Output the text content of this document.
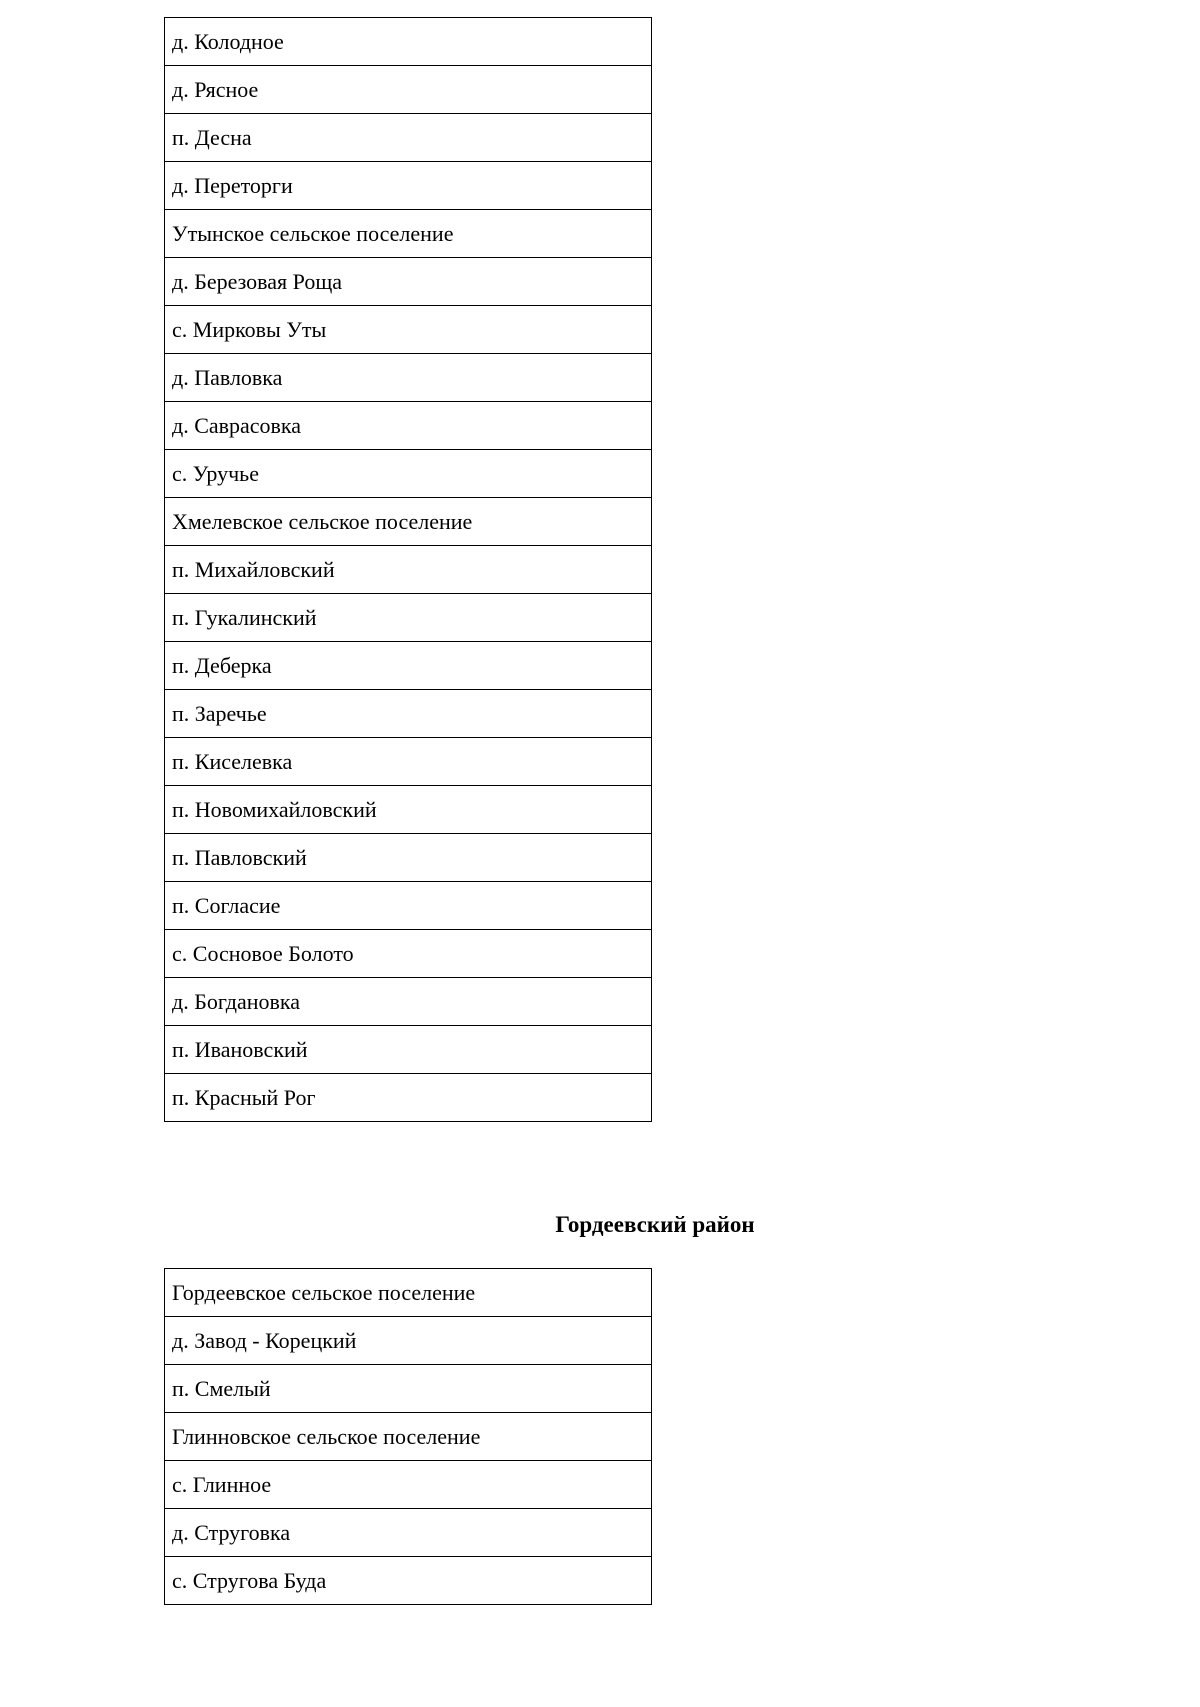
д. Колодное
д. Рясное
п. Десна
д. Переторги
Утынское сельское поселение
д. Березовая Роща
с. Мирковы Уты
д. Павловка
д. Саврасовка
с. Уручье
Хмелевское сельское поселение
п. Михайловский
п. Гукалинский
п. Деберка
п. Заречье
п. Киселевка
п. Новомихайловский
п. Павловский
п. Согласие
с. Сосновое Болото
д. Богдановка
п. Ивановский
п. Красный Рог
Гордеевский район
Гордеевское сельское поселение
д. Завод - Корецкий
п. Смелый
Глинновское сельское поселение
с. Глинное
д. Струговка
с. Стругова Буда
